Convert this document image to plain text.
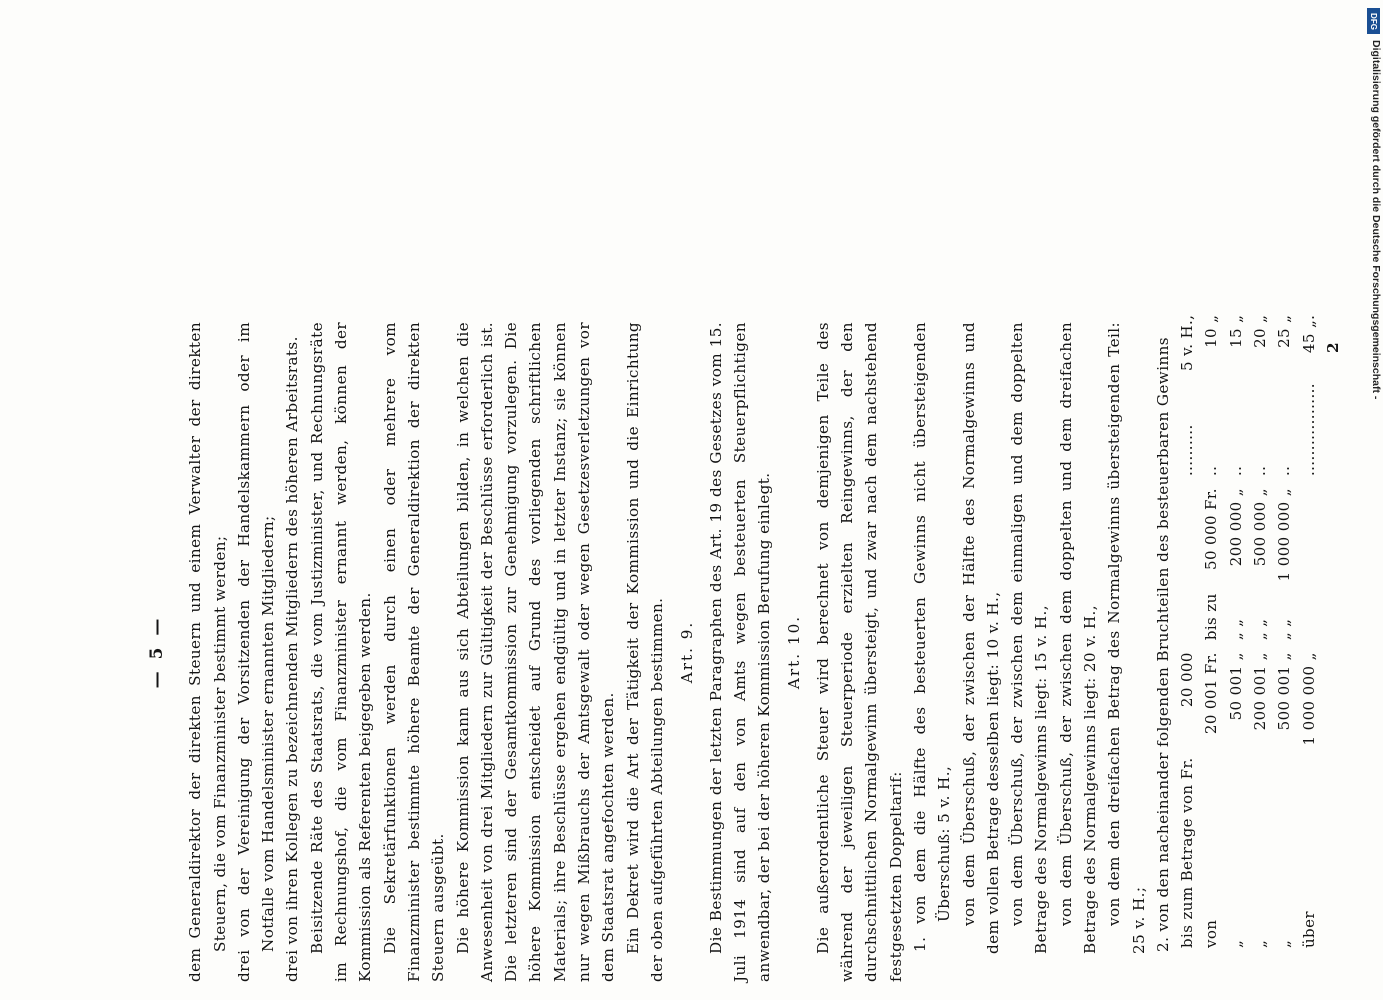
— 5 — dem Generaldirektor der direkten Steuern und einem Verwalter der direkten Steuern, die vom Finanzminister bestimmt werden; drei von der Vereinigung der Vorsitzenden der Handelskammern oder im Notfalle vom Handelsminister ernannten Mitgliedern; drei von ihren Kollegen zu bezeichnenden Mitgliedern des höheren Arbeitsrats. Beisitzende Räte des Staatsrats, die vom Justizminister, und Rechnungsräte im Rechnungshof, die vom Finanzminister ernannt werden, können der Kommission als Referenten beigegeben werden. Die Sekretärfunktionen werden durch einen oder mehrere vom Finanzminister bestimmte höhere Beamte der Generaldirektion der direkten Steuern ausgeübt. Die höhere Kommission kann aus sich Abteilungen bilden, in welchen die Anwesenheit von drei Mitgliedern zur Gültigkeit der Beschlüsse erforderlich ist. Die letzteren sind der Gesamtkommission zur Genehmigung vorzulegen. Die höhere Kommission entscheidet auf Grund des vorliegenden schriftlichen Materials; ihre Beschlüsse ergehen endgültig und in letzter Instanz; sie können nur wegen Mißbrauchs der Amtsgewalt oder wegen Gesetzesverletzungen vor dem Staatsrat angefochten werden. Ein Dekret wird die Art der Tätigkeit der Kommission und die Einrichtung der oben aufgeführten Abteilungen bestimmen. Art. 9. Die Bestimmungen der letzten Paragraphen des Art. 19 des Gesetzes vom 15. Juli 1914 sind auf den von Amts wegen besteuerten Steuerpflichtigen anwendbar, der bei der höheren Kommission Berufung einlegt. Art. 10. Die außerordentliche Steuer wird berechnet von demjenigen Teile des während der jeweiligen Steuerperiode erzielten Reingewinns, der den durchschnittlichen Normalgewinn übersteigt, und zwar nach dem nachstehend festgesetzten Doppeltarif: 1. von dem die Hälfte des besteuerten Gewinns nicht übersteigenden Überschuß: 5 v. H., von dem Überschuß, der zwischen der Hälfte des Normalgewinns und dem vollen Betrage desselben liegt: 10 v. H., von dem Überschuß, der zwischen dem einmaligen und dem doppelten Betrage des Normalgewinns liegt: 15 v. H., von dem Überschuß, der zwischen dem doppelten und dem dreifachen Betrage des Normalgewinns liegt: 20 v. H., von dem den dreifachen Betrag des Normalgewinns übersteigenden Teil: 25 v. H.; 2. von den nacheinander folgenden Bruchteilen des besteuerbaren Gewinns bis zum Betrage von Fr.	20 000			..........	5 v. H.,
von	20 001 Fr.	bis zu	50 000 Fr.	..	10 „
„	50 001 „	„ „	200 000 „	..	15 „
„	200 001 „	„ „	500 000 „	..	20 „
„	500 001 „	„ „	1 000 000 „	..	25 „
über	1 000 000 „			..................	45 „. 2
DFG
Digitalisierung gefördert durch die Deutsche Forschungsgemeinschaft -
